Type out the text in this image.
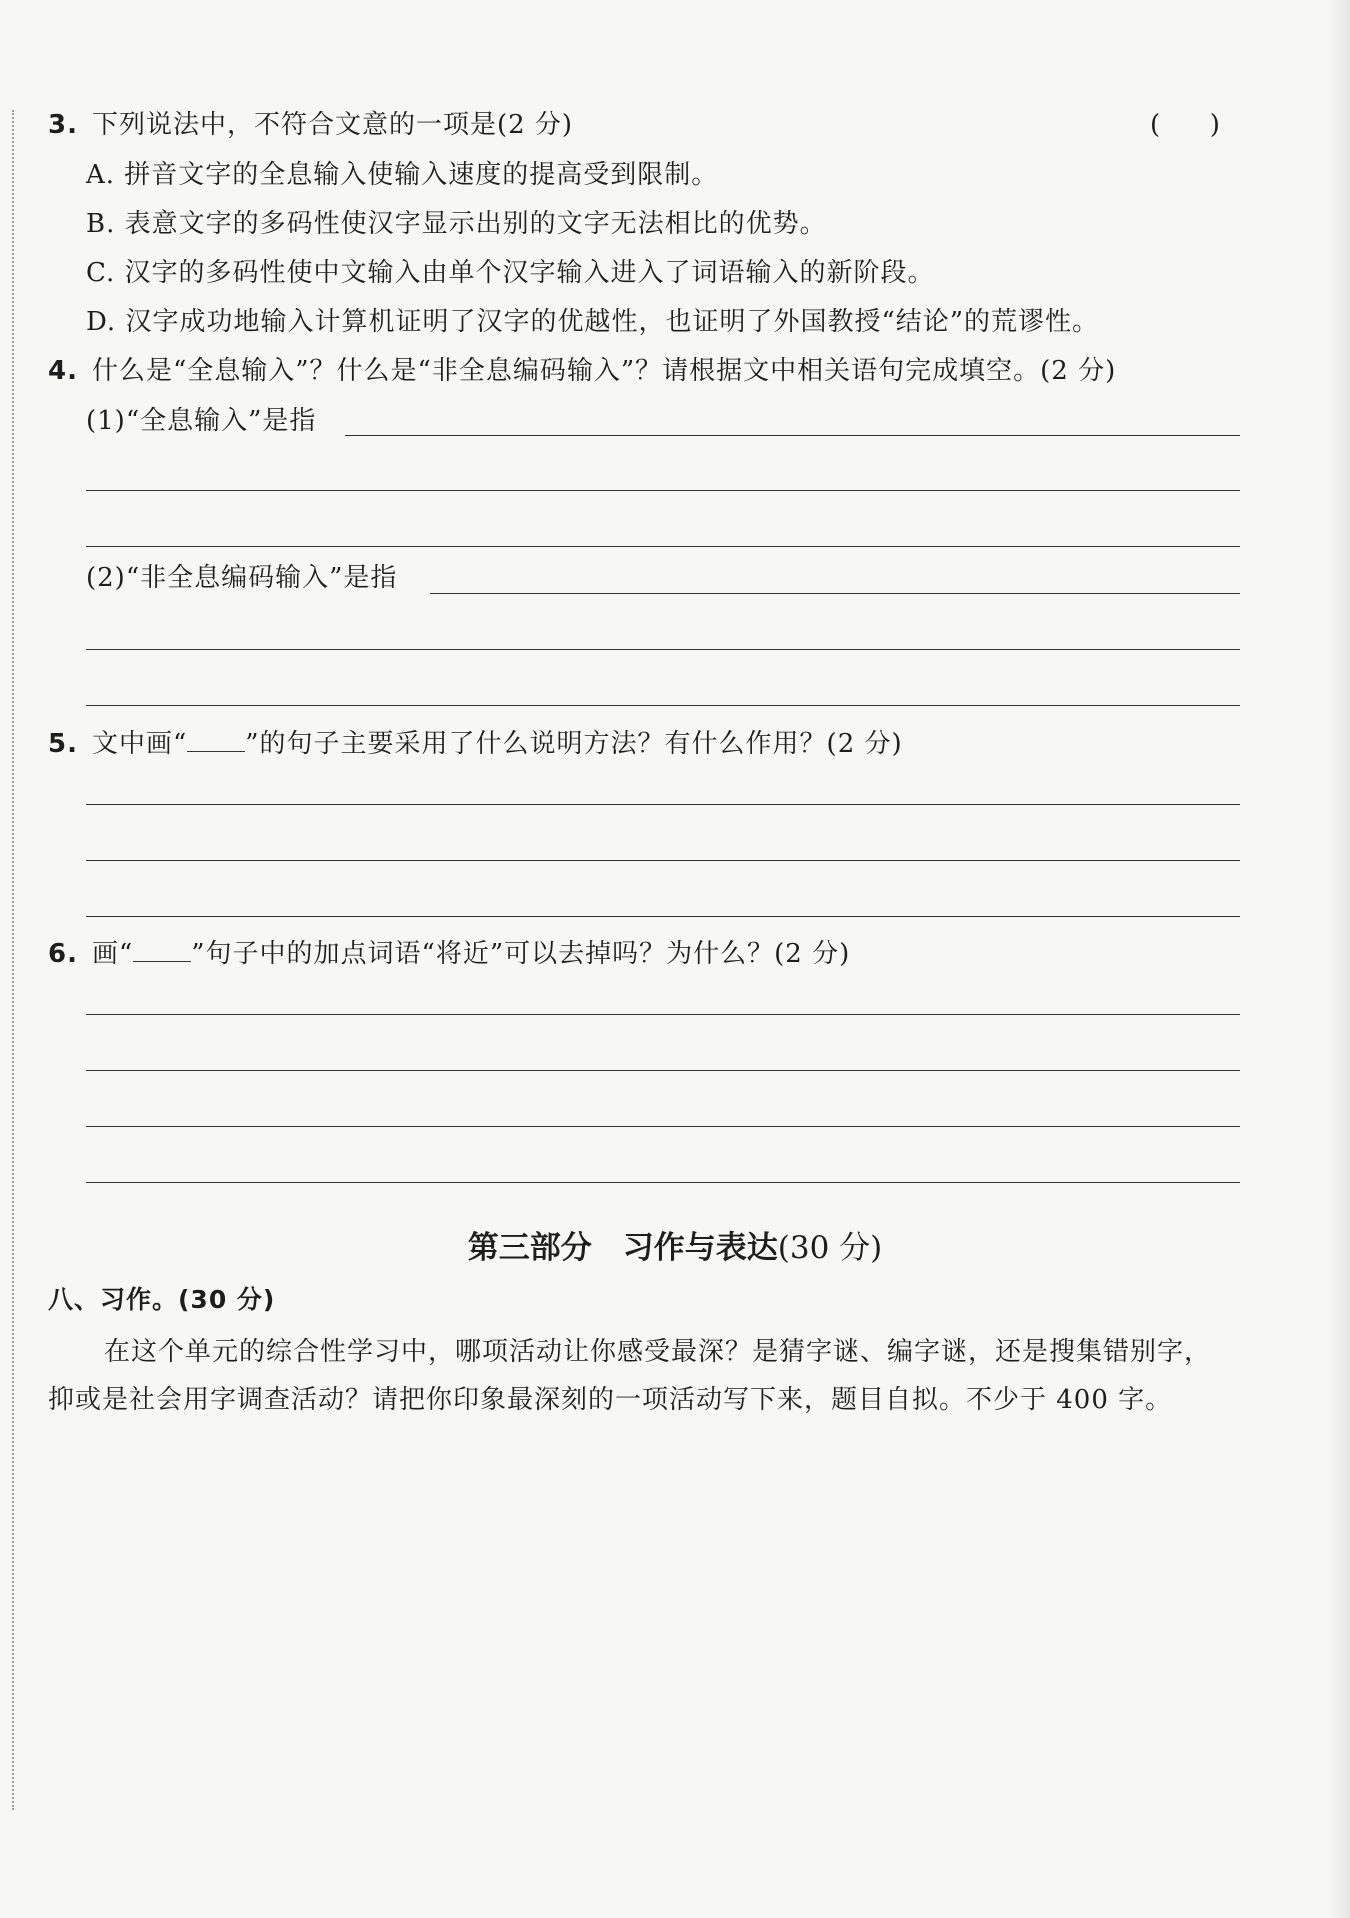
3. 下列说法中，不符合文意的一项是(2 分)	(      )
A. 拼音文字的全息输入使输入速度的提高受到限制。
B. 表意文字的多码性使汉字显示出别的文字无法相比的优势。
C. 汉字的多码性使中文输入由单个汉字输入进入了词语输入的新阶段。
D. 汉字成功地输入计算机证明了汉字的优越性，也证明了外国教授“结论”的荒谬性。
4. 什么是“全息输入”？什么是“非全息编码输入”？请根据文中相关语句完成填空。(2 分)
(1)“全息输入”是指
(2)“非全息编码输入”是指
5. 文中画“ ”的句子主要采用了什么说明方法？有什么作用？(2 分)
6. 画“ ”句子中的加点词语“将近”可以去掉吗？为什么？(2 分)
第三部分　习作与表达(30 分)
八、习作。(30 分)
在这个单元的综合性学习中，哪项活动让你感受最深？是猜字谜、编字谜，还是搜集错别字，
抑或是社会用字调查活动？请把你印象最深刻的一项活动写下来，题目自拟。不少于 400 字。
